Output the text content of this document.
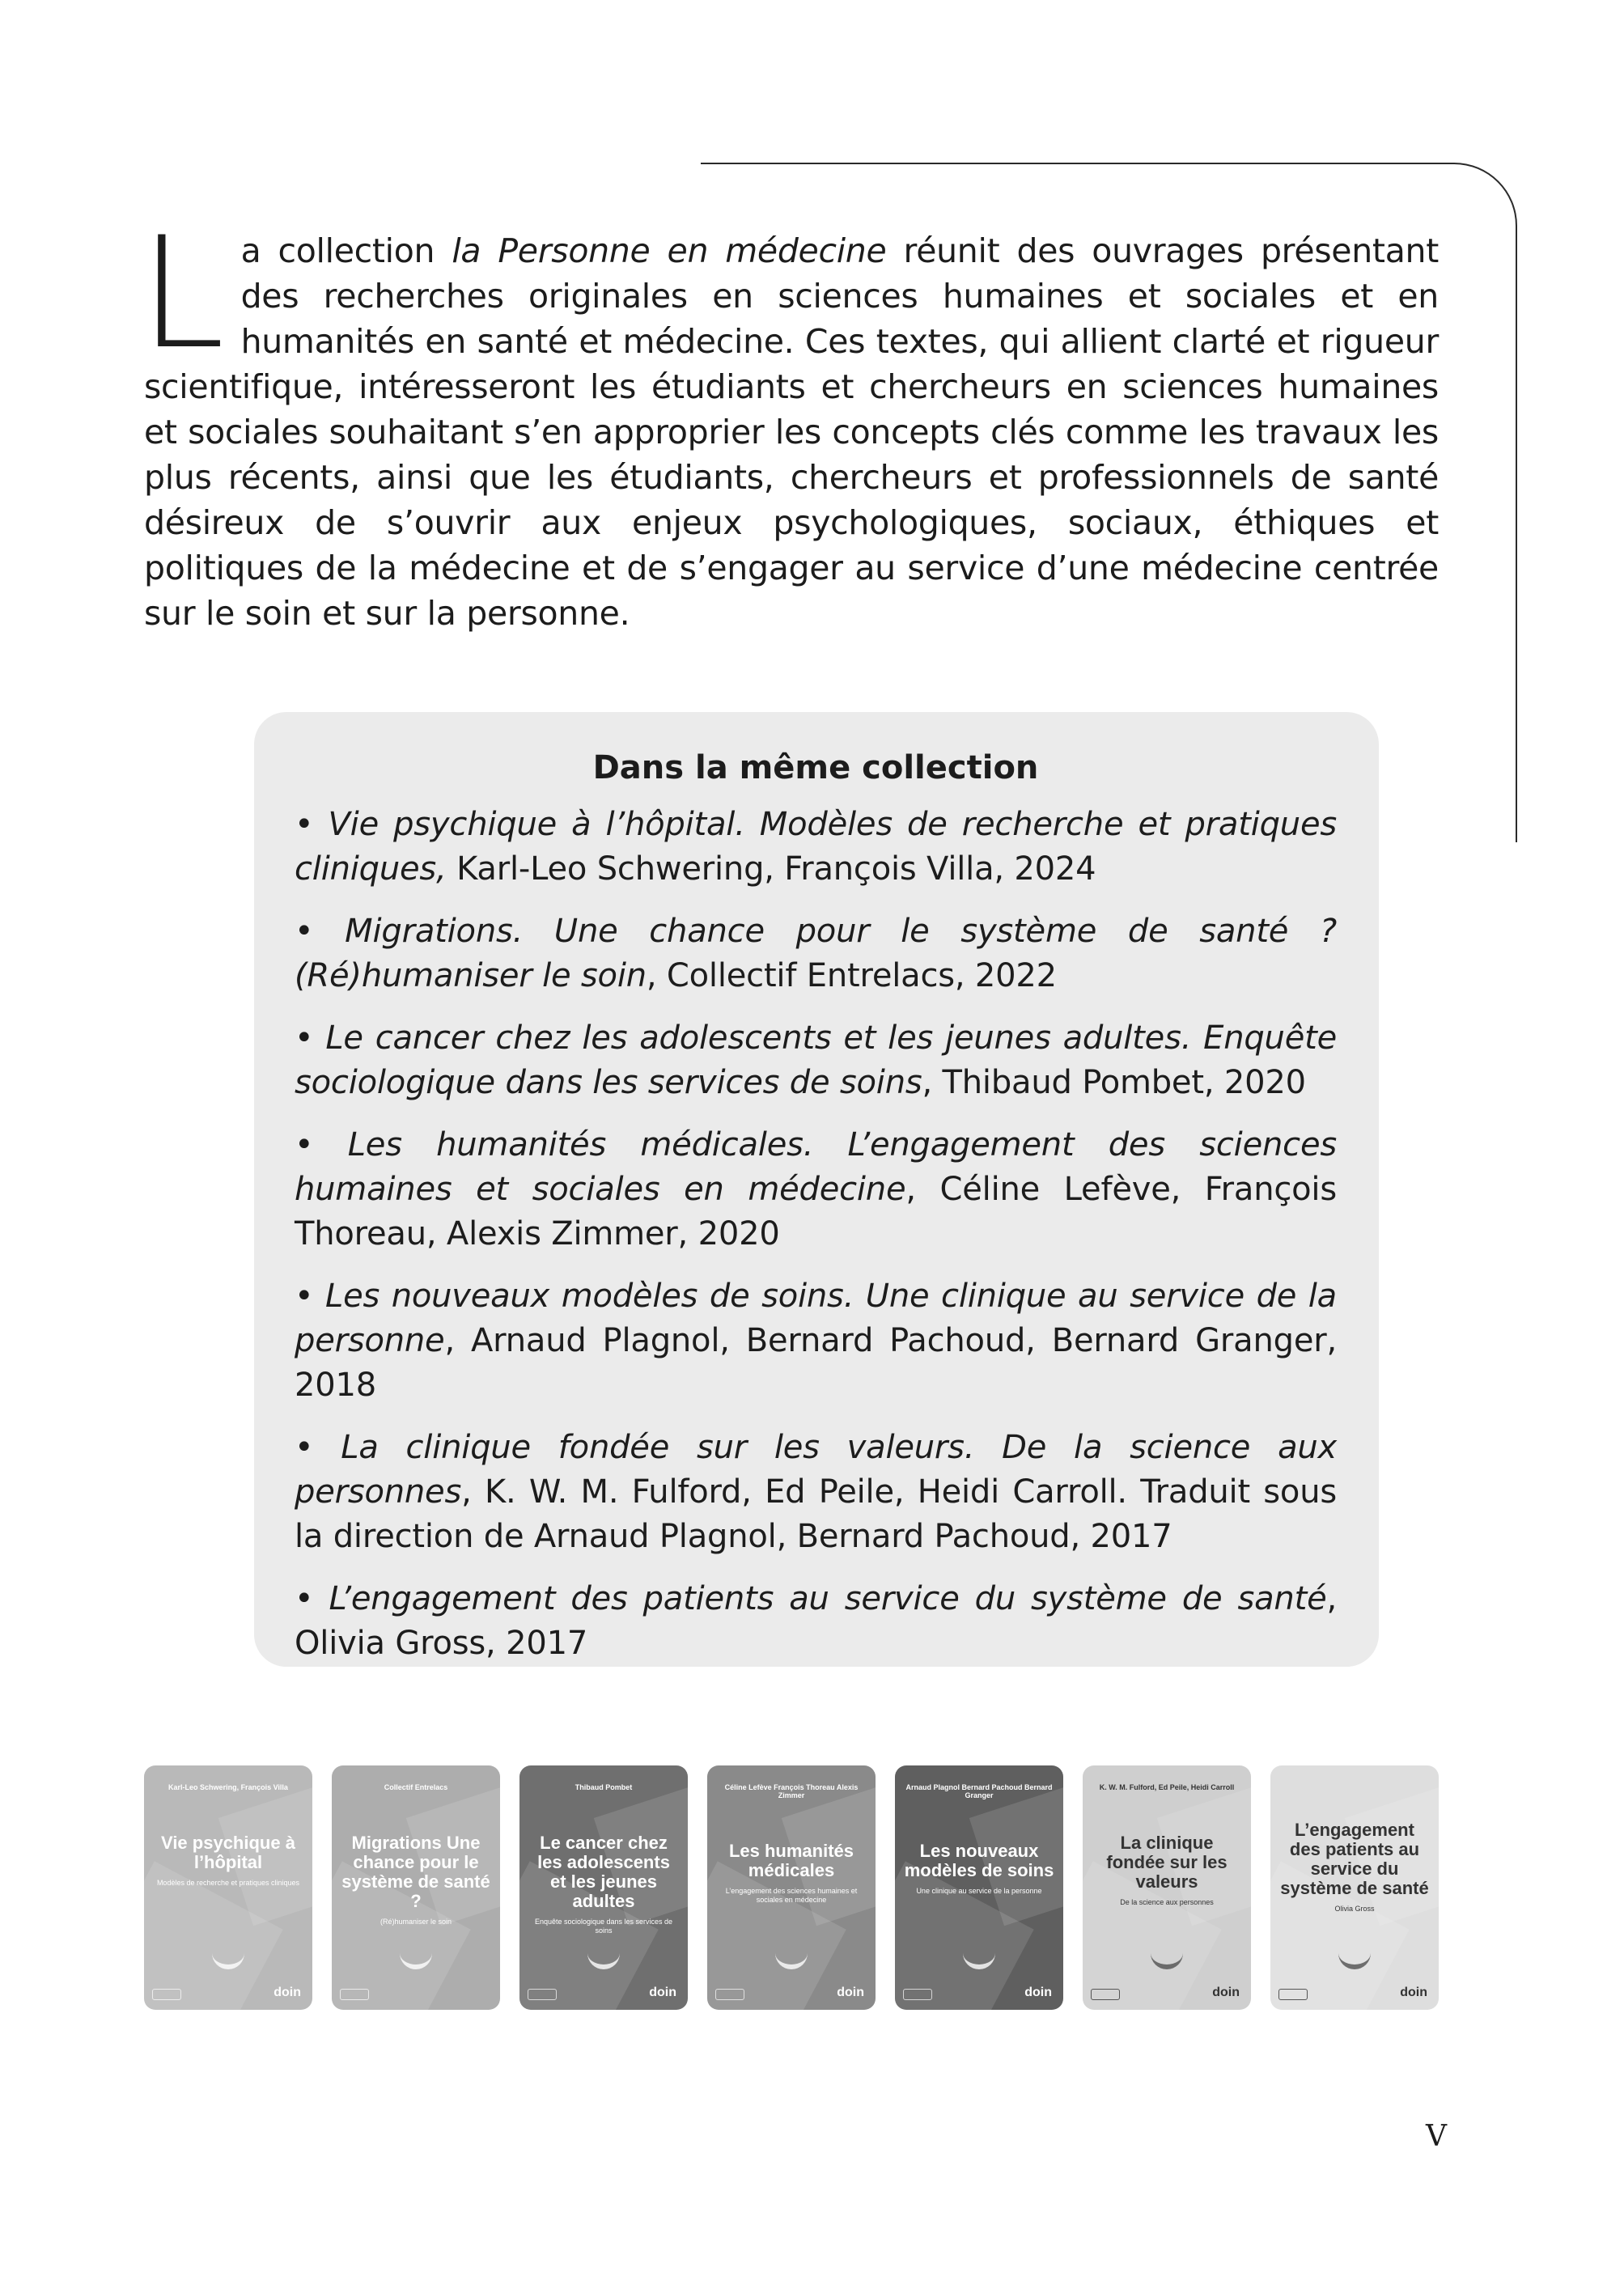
La collection la Personne en médecine réunit des ouvrages présentant des recherches originales en sciences humaines et sociales et en humanités en santé et médecine. Ces textes, qui allient clarté et rigueur scientifique, intéresseront les étudiants et chercheurs en sciences humaines et sociales souhaitant s’en approprier les concepts clés comme les travaux les plus récents, ainsi que les étudiants, chercheurs et professionnels de santé désireux de s’ouvrir aux enjeux psychologiques, sociaux, éthiques et politiques de la médecine et de s’engager au service d’une médecine centrée sur le soin et sur la personne.
Dans la même collection
• Vie psychique à l’hôpital. Modèles de recherche et pratiques cliniques, Karl-Leo Schwering, François Villa, 2024
• Migrations. Une chance pour le système de santé ? (Ré)humaniser le soin, Collectif Entrelacs, 2022
• Le cancer chez les adolescents et les jeunes adultes. Enquête sociologique dans les services de soins, Thibaud Pombet, 2020
• Les humanités médicales. L’engagement des sciences humaines et sociales en médecine, Céline Lefève, François Thoreau, Alexis Zimmer, 2020
• Les nouveaux modèles de soins. Une clinique au service de la personne, Arnaud Plagnol, Bernard Pachoud, Bernard Granger, 2018
• La clinique fondée sur les valeurs. De la science aux personnes, K. W. M. Fulford, Ed Peile, Heidi Carroll. Traduit sous la direction de Arnaud Plagnol, Bernard Pachoud, 2017
• L’engagement des patients au service du système de santé, Olivia Gross, 2017
Karl-Leo Schwering, François Villa
Vie psychique à l’hôpital
Modèles de recherche et pratiques cliniques
doin
Collectif Entrelacs
Migrations Une chance pour le système de santé ?
(Ré)humaniser le soin
Thibaud Pombet
Le cancer chez les adolescents et les jeunes adultes
Enquête sociologique dans les services de soins
doin
Céline Lefève François Thoreau Alexis Zimmer
Les humanités médicales
L’engagement des sciences humaines et sociales en médecine
doin
Arnaud Plagnol Bernard Pachoud Bernard Granger
Les nouveaux modèles de soins
Une clinique au service de la personne
doin
K. W. M. Fulford, Ed Peile, Heidi Carroll
La clinique fondée sur les valeurs
De la science aux personnes
doin
L’engagement des patients au service du système de santé
Olivia Gross
doin
V
